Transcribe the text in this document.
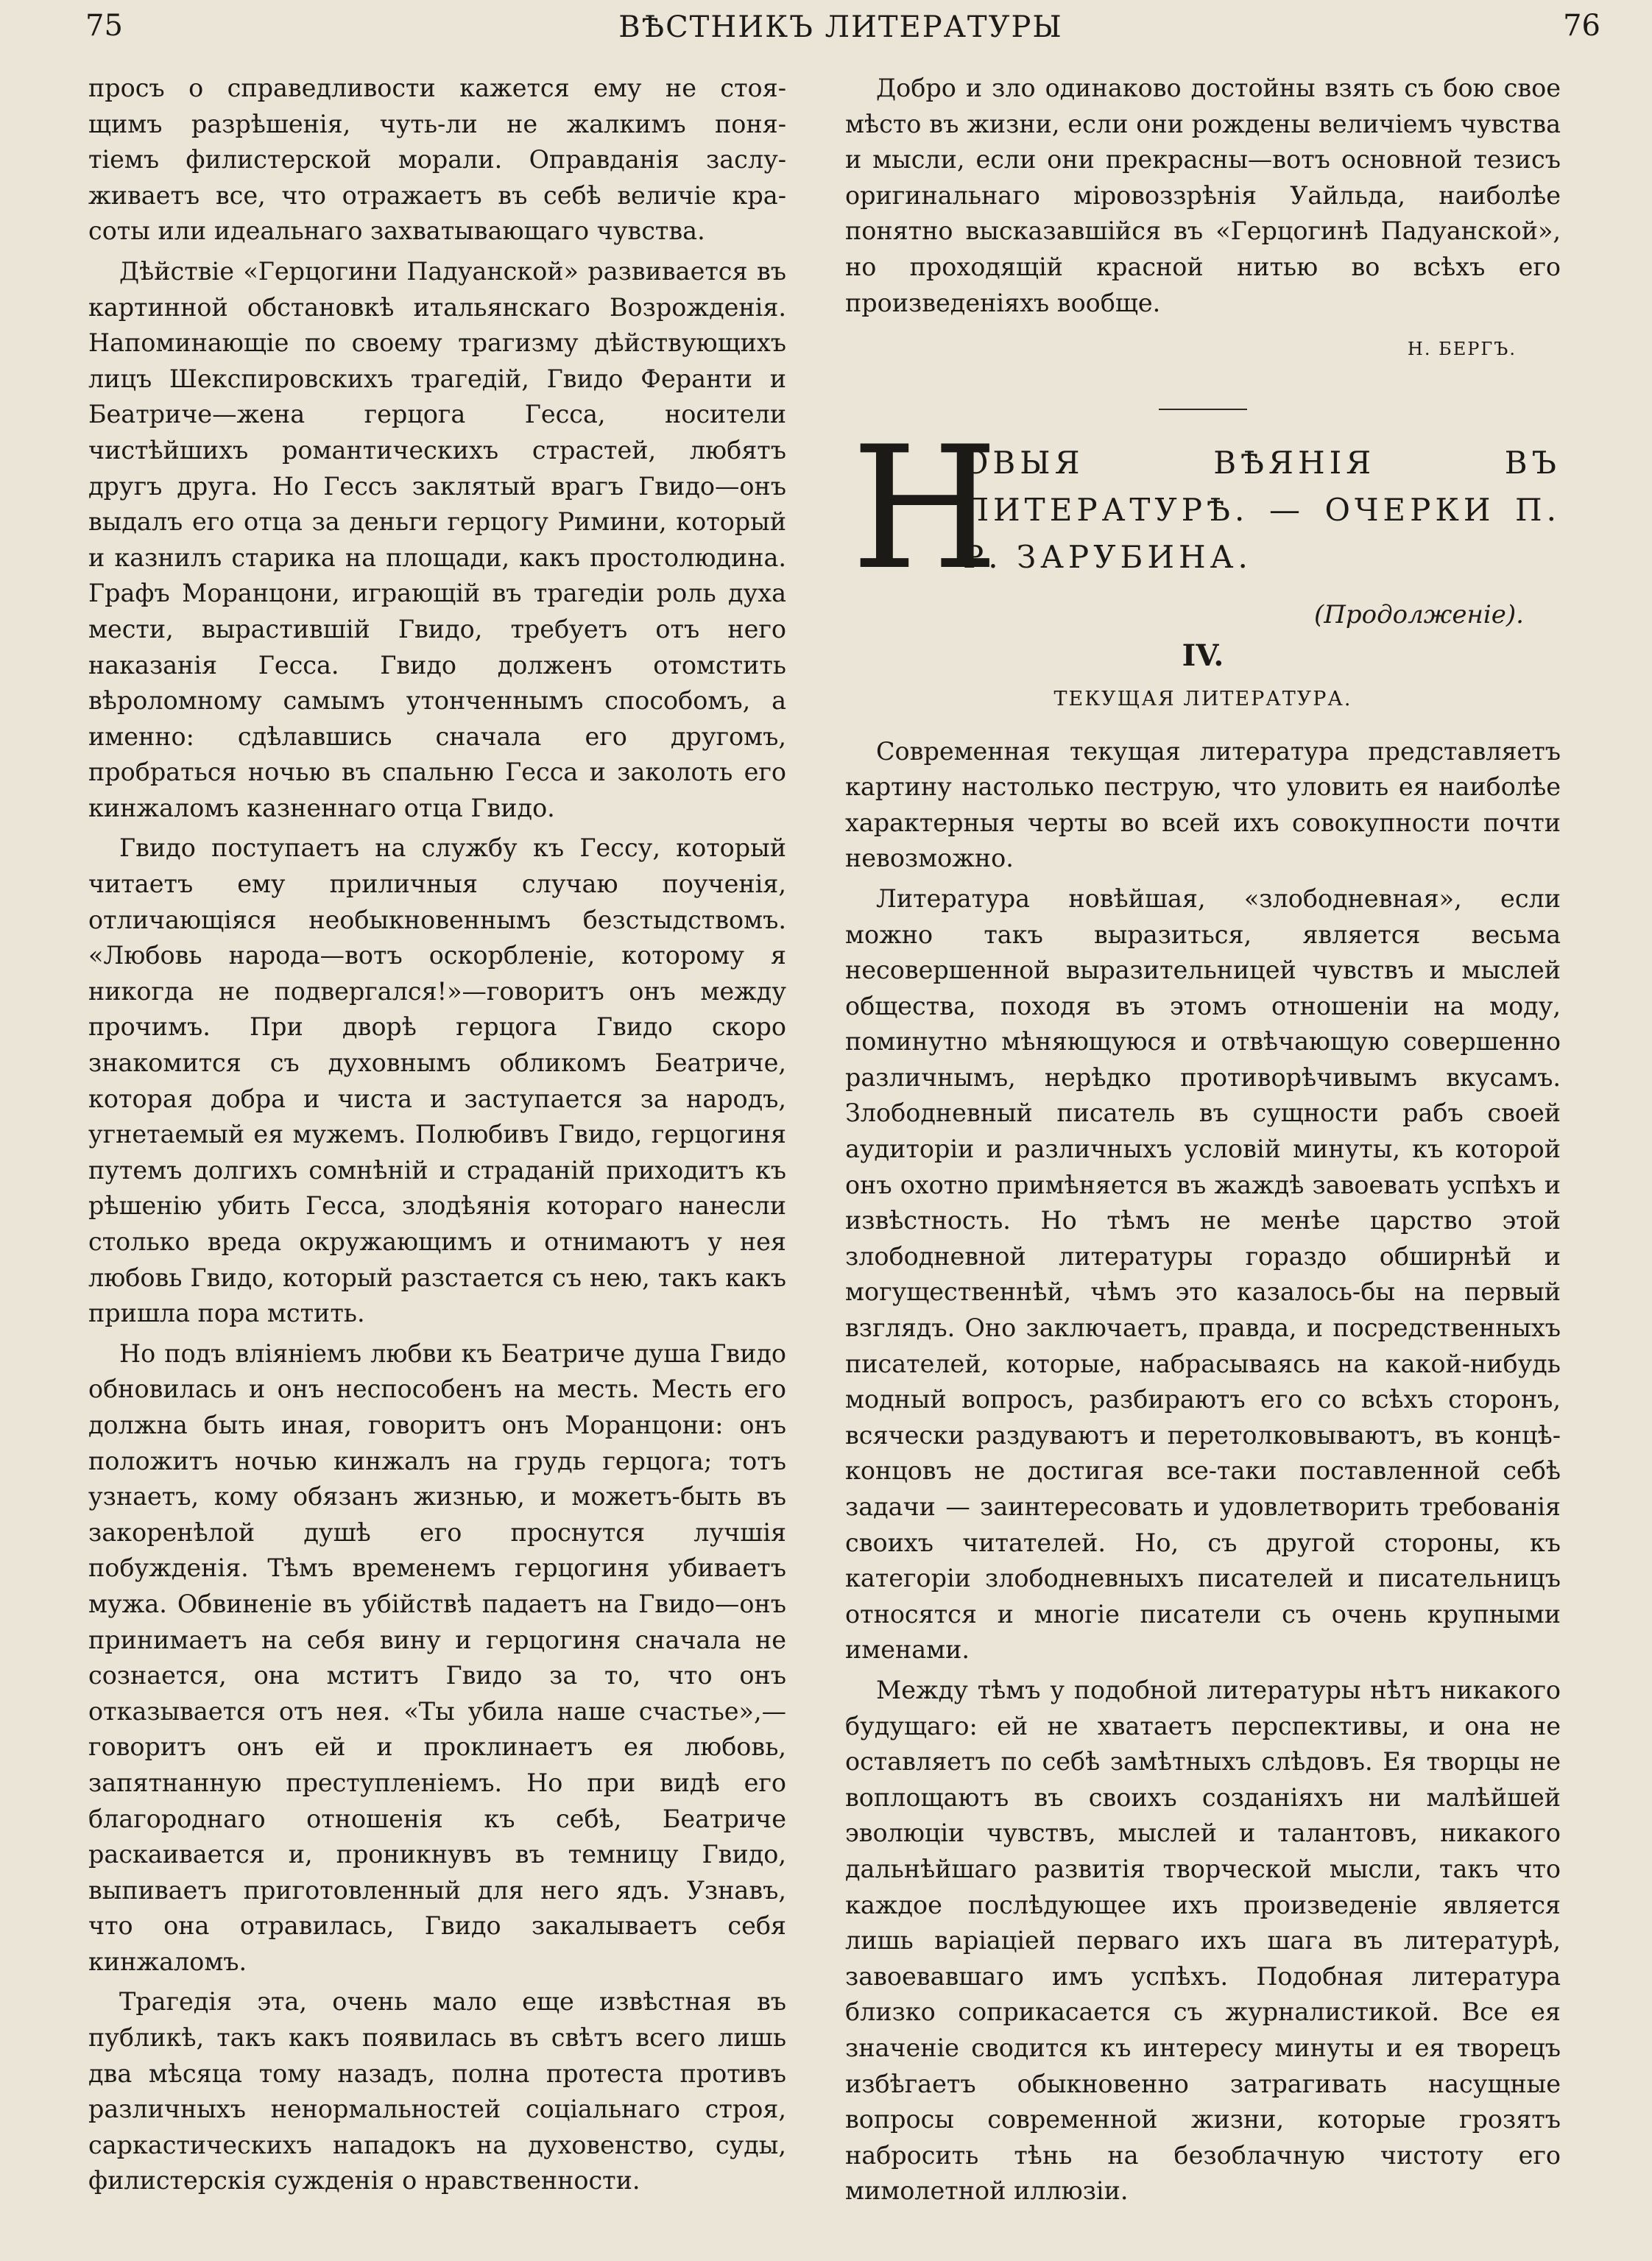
75	ВѢСТНИКЪ ЛИТЕРАТУРЫ	76

просъ о справедливости кажется ему не стоя-

щимъ разрѣшенія, чуть-ли не жалкимъ поня-

тіемъ филистерской морали. Оправданія заслу-

живаетъ все, что отражаетъ въ себѣ величіе кра-

соты или идеальнаго захватывающаго чувства.

Дѣйствіе «Герцогини Падуанской» развивается въ картинной обстановкѣ итальянскаго Возрожденія. Напоминающіе по своему трагизму дѣйствующихъ лицъ Шекспировскихъ трагедій, Гвидо Феранти и Беатриче—жена герцога Гесса, носители чистѣйшихъ романтическихъ страстей, любятъ другъ друга. Но Гессъ заклятый врагъ Гвидо—онъ выдалъ его отца за деньги герцогу Римини, который и казнилъ старика на площади, какъ простолюдина. Графъ Моранцони, играющій въ трагедіи роль духа мести, вырастившій Гвидо, требуетъ отъ него наказанія Гесса. Гвидо долженъ отомстить вѣроломному самымъ утонченнымъ способомъ, а именно: сдѣлавшись сначала его другомъ, пробраться ночью въ спальню Гесса и заколоть его кинжаломъ казненнаго отца Гвидо.

Гвидо поступаетъ на службу къ Гессу, который читаетъ ему приличныя случаю поученія, отличающіяся необыкновеннымъ безстыдствомъ. «Любовь народа—вотъ оскорбленіе, которому я никогда не подвергался!»—говоритъ онъ между прочимъ. При дворѣ герцога Гвидо скоро знакомится съ духовнымъ обликомъ Беатриче, которая добра и чиста и заступается за народъ, угнетаемый ея мужемъ. Полюбивъ Гвидо, герцогиня путемъ долгихъ сомнѣній и страданій приходитъ къ рѣшенію убить Гесса, злодѣянія котораго нанесли столько вреда окружающимъ и отнимаютъ у нея любовь Гвидо, который разстается съ нею, такъ какъ пришла пора мстить.

Но подъ вліяніемъ любви къ Беатриче душа Гвидо обновилась и онъ неспособенъ на месть. Месть его должна быть иная, говоритъ онъ Моранцони: онъ положитъ ночью кинжалъ на грудь герцога; тотъ узнаетъ, кому обязанъ жизнью, и можетъ-быть въ закоренѣлой душѣ его проснутся лучшія побужденія. Тѣмъ временемъ герцогиня убиваетъ мужа. Обвиненіе въ убійствѣ падаетъ на Гвидо—онъ принимаетъ на себя вину и герцогиня сначала не сознается, она мститъ Гвидо за то, что онъ отказывается отъ нея. «Ты убила наше счастье»,—говоритъ онъ ей и проклинаетъ ея любовь, запятнанную преступленіемъ. Но при видѣ его благороднаго отношенія къ себѣ, Беатриче раскаивается и, проникнувъ въ темницу Гвидо, выпиваетъ приготовленный для него ядъ. Узнавъ, что она отравилась, Гвидо закалываетъ себя кинжаломъ.

Трагедія эта, очень мало еще извѣстная въ публикѣ, такъ какъ появилась въ свѣтъ всего лишь два мѣсяца тому назадъ, полна протеста противъ различныхъ ненормальностей соціальнаго строя, саркастическихъ нападокъ на духовенство, суды, филистерскія сужденія о нравственности.

Добро и зло одинаково достойны взять съ бою свое мѣсто въ жизни, если они рождены величіемъ чувства и мысли, если они прекрасны—вотъ основной тезисъ оригинальнаго міровоззрѣнія Уайльда, наиболѣе понятно высказавшійся въ «Герцогинѣ Падуанской», но проходящій красной нитью во всѣхъ его произведеніяхъ вообще.

Н. БЕРГЪ.
Н
ОВЫЯ ВѢЯНІЯ ВЪ ЛИТЕРАТУРѢ. — ОЧЕРКИ П. Р. ЗАРУБИНА.
(Продолженіе).
IV.
ТЕКУЩАЯ ЛИТЕРАТУРА.

Современная текущая литература представляетъ картину настолько пеструю, что уловить ея наиболѣе характерныя черты во всей ихъ совокупности почти невозможно.

Литература новѣйшая, «злободневная», если можно такъ выразиться, является весьма несовершенной выразительницей чувствъ и мыслей общества, походя въ этомъ отношеніи на моду, поминутно мѣняющуюся и отвѣчающую совершенно различнымъ, нерѣдко противорѣчивымъ вкусамъ. Злободневный писатель въ сущности рабъ своей аудиторіи и различныхъ условій минуты, къ которой онъ охотно примѣняется въ жаждѣ завоевать успѣхъ и извѣстность. Но тѣмъ не менѣе царство этой злободневной литературы гораздо обширнѣй и могущественнѣй, чѣмъ это казалось-бы на первый взглядъ. Оно заключаетъ, правда, и посредственныхъ писателей, которые, набрасываясь на какой-нибудь модный вопросъ, разбираютъ его со всѣхъ сторонъ, всячески раздуваютъ и перетолковываютъ, въ концѣ-концовъ не достигая все-таки поставленной себѣ задачи — заинтересовать и удовлетворить требованія своихъ читателей. Но, съ другой стороны, къ категоріи злободневныхъ писателей и писательницъ относятся и многіе писатели съ очень крупными именами.

Между тѣмъ у подобной литературы нѣтъ никакого будущаго: ей не хватаетъ перспективы, и она не оставляетъ по себѣ замѣтныхъ слѣдовъ. Ея творцы не воплощаютъ въ своихъ созданіяхъ ни малѣйшей эволюціи чувствъ, мыслей и талантовъ, никакого дальнѣйшаго развитія творческой мысли, такъ что каждое послѣдующее ихъ произведеніе является лишь варіаціей перваго ихъ шага въ литературѣ, завоевавшаго имъ успѣхъ. Подобная литература близко соприкасается съ журналистикой. Все ея значеніе сводится къ интересу минуты и ея творецъ избѣгаетъ обыкновенно затрагивать насущные вопросы современной жизни, которые грозятъ набросить тѣнь на безоблачную чистоту его мимолетной иллюзіи.
